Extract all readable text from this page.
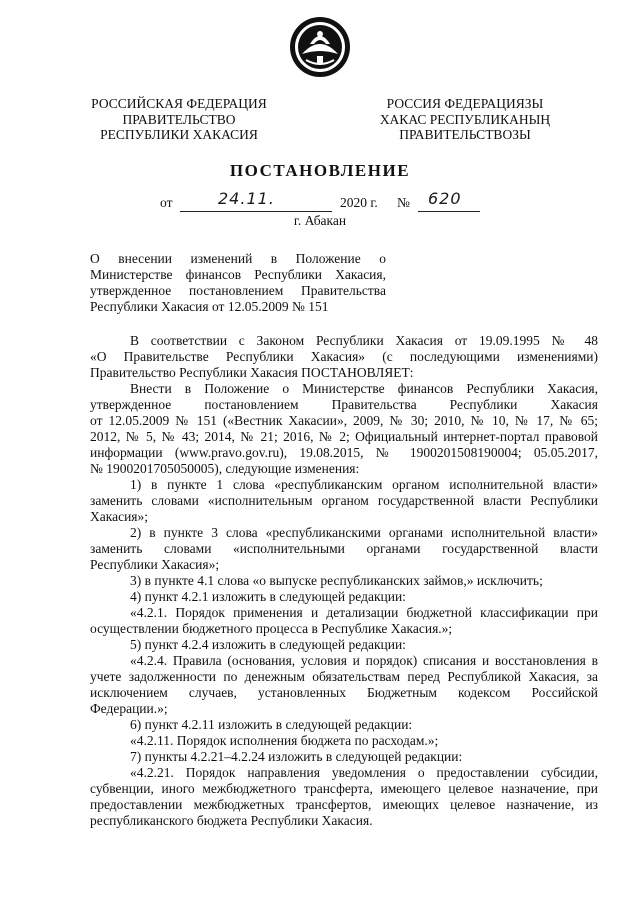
РОССИЙСКАЯ ФЕДЕРАЦИЯ
ПРАВИТЕЛЬСТВО
РЕСПУБЛИКИ ХАКАСИЯ
РОССИЯ ФЕДЕРАЦИЯЗЫ
ХАКАС РЕСПУБЛИКАНЫҢ
ПРАВИТЕЛЬСТВОЗЫ
ПОСТАНОВЛЕНИЕ
от	24.11.	2020 г. № 620
г. Абакан
О внесении изменений в Положение о
Министерстве финансов Республики Хакасия,
утвержденное постановлением Правительства
Республики Хакасия от 12.05.2009 № 151

В соответствии с Законом Республики Хакасия от 19.09.1995 № 48
«О Правительстве Республики Хакасия» (с последующими изменениями)
Правительство Республики Хакасия ПОСТАНОВЛЯЕТ:

Внести в Положение о Министерстве финансов Республики Хакасия,
утвержденное постановлением Правительства Республики Хакасия
от 12.05.2009 № 151 («Вестник Хакасии», 2009, № 30; 2010, № 10, № 17, № 65;
2012, № 5, № 43; 2014, № 21; 2016, № 2; Официальный интернет-портал правовой
информации (www.pravo.gov.ru), 19.08.2015, № 1900201508190004; 05.05.2017,
№ 1900201705050005), следующие изменения:

1) в пункте 1 слова «республиканским органом исполнительной власти»
заменить словами «исполнительным органом государственной власти Республики
Хакасия»;

2) в пункте 3 слова «республиканскими органами исполнительной власти»
заменить словами «исполнительными органами государственной власти
Республики Хакасия»;

3) в пункте 4.1 слова «о выпуске республиканских займов,» исключить;

4) пункт 4.2.1 изложить в следующей редакции:

«4.2.1. Порядок применения и детализации бюджетной классификации при
осуществлении бюджетного процесса в Республике Хакасия.»;

5) пункт 4.2.4 изложить в следующей редакции:

«4.2.4. Правила (основания, условия и порядок) списания и восстановления в
учете задолженности по денежным обязательствам перед Республикой Хакасия, за
исключением случаев, установленных Бюджетным кодексом Российской
Федерации.»;

6) пункт 4.2.11 изложить в следующей редакции:

«4.2.11. Порядок исполнения бюджета по расходам.»;

7) пункты 4.2.21–4.2.24 изложить в следующей редакции:

«4.2.21. Порядок направления уведомления о предоставлении субсидии,
субвенции, иного межбюджетного трансферта, имеющего целевое назначение, при
предоставлении межбюджетных трансфертов, имеющих целевое назначение, из
республиканского бюджета Республики Хакасия.
